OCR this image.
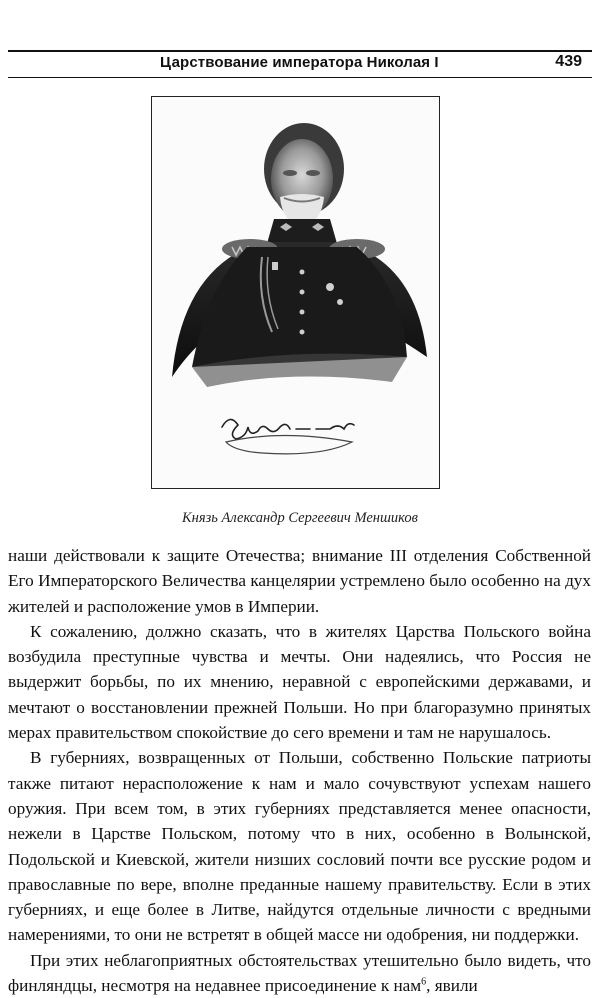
Царствование императора Николая I	439
Князь Александр Сергеевич Меншиков

наши действовали к защите Отечества; внимание III отделения Собственной Его Императорского Величества канцелярии устремлено было особенно на дух жителей и расположение умов в Империи.

К сожалению, должно сказать, что в жителях Царства Польского война возбудила преступные чувства и мечты. Они надеялись, что Россия не выдержит борьбы, по их мнению, неравной с европейскими державами, и мечтают о восстановлении прежней Польши. Но при благоразумно принятых мерах правительством спокойствие до сего времени и там не нарушалось.

В губерниях, возвращенных от Польши, собственно Польские патриоты также питают нерасположение к нам и мало сочувствуют успехам нашего оружия. При всем том, в этих губерниях представляется менее опасности, нежели в Царстве Польском, потому что в них, особенно в Волынской, Подольской и Киевской, жители низших сословий почти все русские родом и православные по вере, вполне преданные нашему правительству. Если в этих губерниях, и еще более в Литве, найдутся отдельные личности с вредными намерениями, то они не встретят в общей массе ни одобрения, ни поддержки.

При этих неблагоприятных обстоятельствах утешительно было видеть, что финляндцы, несмотря на недавнее присоединение к нам$^6$, явили
